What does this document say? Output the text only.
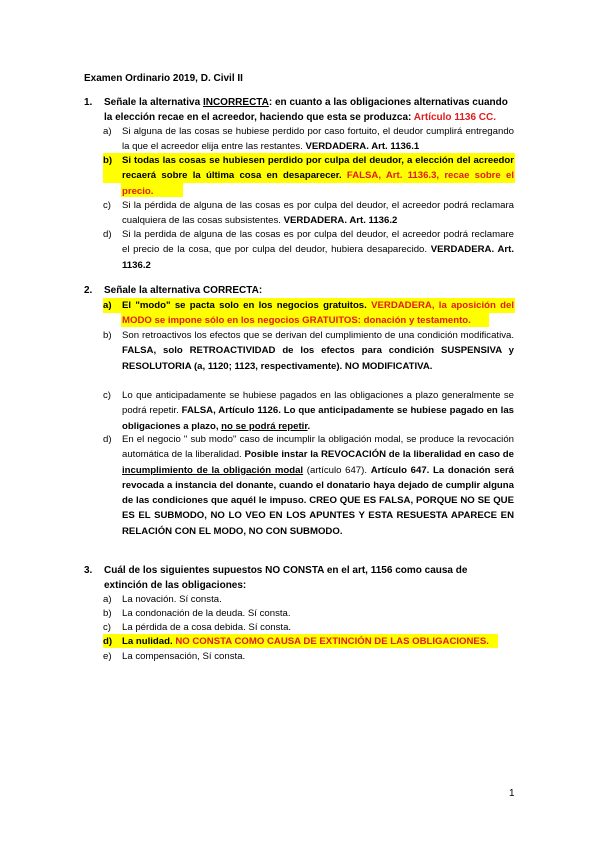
Examen Ordinario 2019, D. Civil II
1. Señale la alternativa INCORRECTA: en cuanto a las obligaciones alternativas cuando la elección recae en el acreedor, haciendo que esta se produzca: Artículo 1136 CC.
a) Si alguna de las cosas se hubiese perdido por caso fortuito, el deudor cumplirá entregando la que el acreedor elija entre las restantes. VERDADERA. Art. 1136.1
b) Si todas las cosas se hubiesen perdido por culpa del deudor, a elección del acreedor recaerá sobre la última cosa en desaparecer. FALSA, Art. 1136.3, recae sobre el precio.
c) Si la pérdida de alguna de las cosas es por culpa del deudor, el acreedor podrá reclamara cualquiera de las cosas subsistentes. VERDADERA. Art. 1136.2
d) Si la perdida de alguna de las cosas es por culpa del deudor, el acreedor podrá reclamare el precio de la cosa, que por culpa del deudor, hubiera desaparecido. VERDADERA. Art. 1136.2
2. Señale la alternativa CORRECTA:
a) El "modo" se pacta solo en los negocios gratuitos. VERDADERA, la aposición del MODO se impone sólo en los negocios GRATUITOS: donación y testamento.
b) Son retroactivos los efectos que se derivan del cumplimiento de una condición modificativa. FALSA, solo RETROACTIVIDAD de los efectos para condición SUSPENSIVA y RESOLUTORIA (a, 1120; 1123, respectivamente). NO MODIFICATIVA.
c) Lo que anticipadamente se hubiese pagados en las obligaciones a plazo generalmente se podrá repetir. FALSA, Artículo 1126. Lo que anticipadamente se hubiese pagado en las obligaciones a plazo, no se podrá repetir.
d) En el negocio '' sub modo'' caso de incumplir la obligación modal, se produce la revocación automática de la liberalidad. Posible instar la REVOCACIÓN de la liberalidad en caso de incumplimiento de la obligación modal (artículo 647). Artículo 647. La donación será revocada a instancia del donante, cuando el donatario haya dejado de cumplir alguna de las condiciones que aquél le impuso. CREO QUE ES FALSA, PORQUE NO SE QUE ES EL SUBMODO, NO LO VEO EN LOS APUNTES Y ESTA RESUESTA APARECE EN RELACIÓN CON EL MODO, NO CON SUBMODO.
3. Cuál de los siguientes supuestos NO CONSTA en el art, 1156 como causa de extinción de las obligaciones:
a) La novación. Sí consta.
b) La condonación de la deuda. Sí consta.
c) La pérdida de a cosa debida. Sí consta.
d) La nulidad. NO CONSTA COMO CAUSA DE EXTINCIÓN DE LAS OBLIGACIONES.
e) La compensación, Sí consta.
1
